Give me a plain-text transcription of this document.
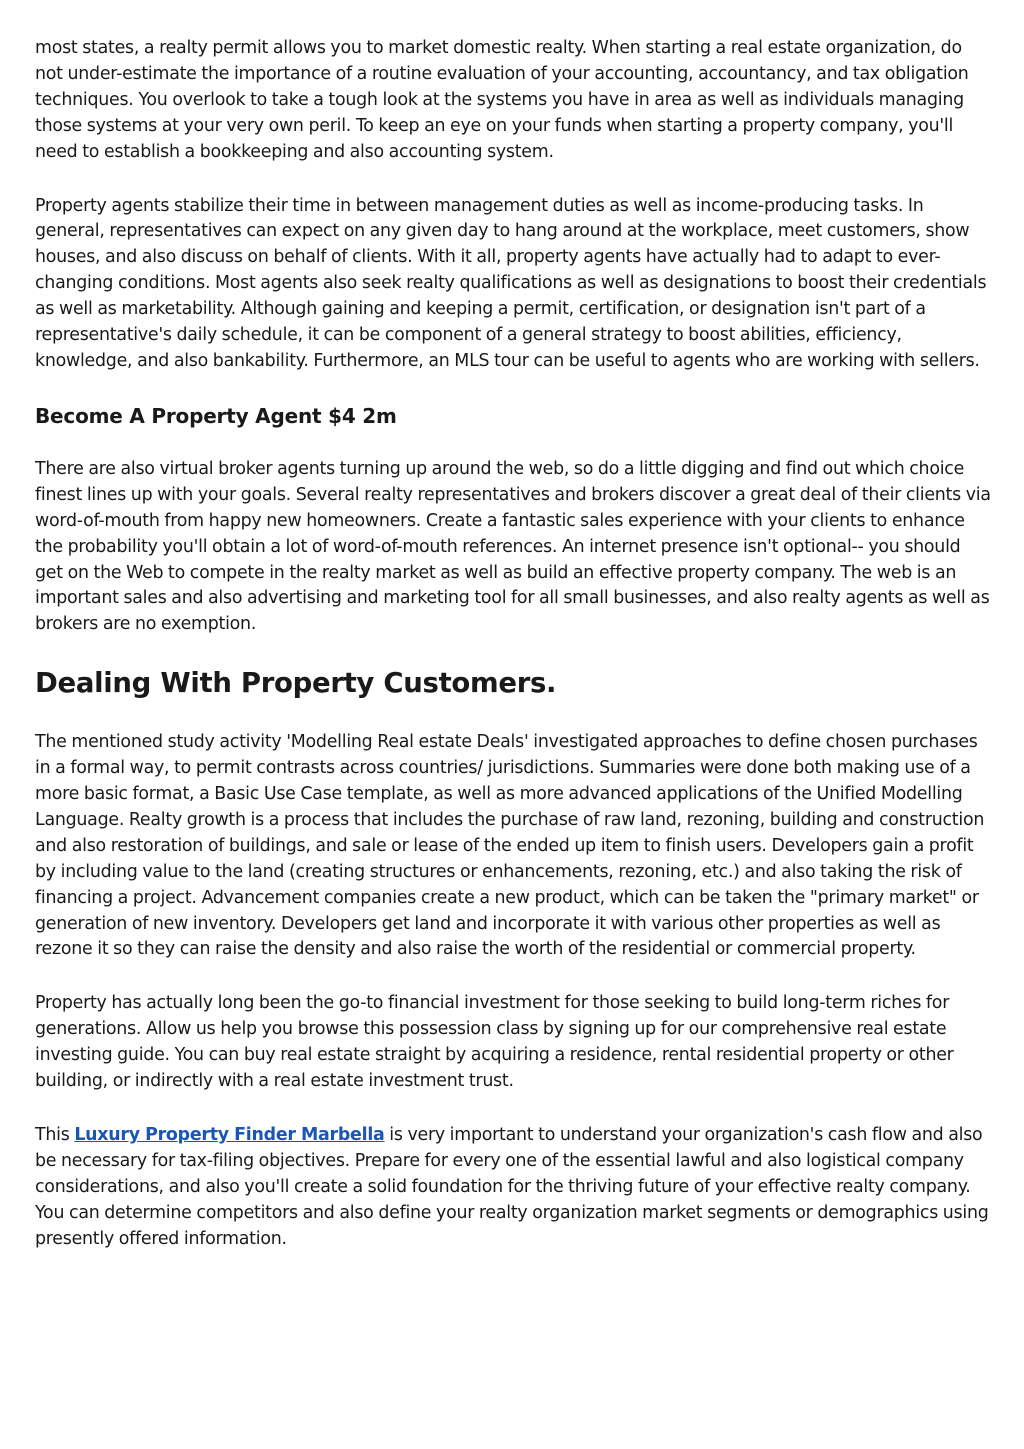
most states, a realty permit allows you to market domestic realty. When starting a real estate organization, do not under-estimate the importance of a routine evaluation of your accounting, accountancy, and tax obligation techniques. You overlook to take a tough look at the systems you have in area as well as individuals managing those systems at your very own peril. To keep an eye on your funds when starting a property company, you'll need to establish a bookkeeping and also accounting system.

Property agents stabilize their time in between management duties as well as income-producing tasks. In general, representatives can expect on any given day to hang around at the workplace, meet customers, show houses, and also discuss on behalf of clients. With it all, property agents have actually had to adapt to ever-changing conditions. Most agents also seek realty qualifications as well as designations to boost their credentials as well as marketability. Although gaining and keeping a permit, certification, or designation isn't part of a representative's daily schedule, it can be component of a general strategy to boost abilities, efficiency, knowledge, and also bankability. Furthermore, an MLS tour can be useful to agents who are working with sellers.

Become A Property Agent $4 2m

There are also virtual broker agents turning up around the web, so do a little digging and find out which choice finest lines up with your goals. Several realty representatives and brokers discover a great deal of their clients via word-of-mouth from happy new homeowners. Create a fantastic sales experience with your clients to enhance the probability you'll obtain a lot of word-of-mouth references. An internet presence isn't optional-- you should get on the Web to compete in the realty market as well as build an effective property company. The web is an important sales and also advertising and marketing tool for all small businesses, and also realty agents as well as brokers are no exemption.

Dealing With Property Customers.

The mentioned study activity 'Modelling Real estate Deals' investigated approaches to define chosen purchases in a formal way, to permit contrasts across countries/ jurisdictions. Summaries were done both making use of a more basic format, a Basic Use Case template, as well as more advanced applications of the Unified Modelling Language. Realty growth is a process that includes the purchase of raw land, rezoning, building and construction and also restoration of buildings, and sale or lease of the ended up item to finish users. Developers gain a profit by including value to the land (creating structures or enhancements, rezoning, etc.) and also taking the risk of financing a project. Advancement companies create a new product, which can be taken the "primary market" or generation of new inventory. Developers get land and incorporate it with various other properties as well as rezone it so they can raise the density and also raise the worth of the residential or commercial property.

Property has actually long been the go-to financial investment for those seeking to build long-term riches for generations. Allow us help you browse this possession class by signing up for our comprehensive real estate investing guide. You can buy real estate straight by acquiring a residence, rental residential property or other building, or indirectly with a real estate investment trust.

This Luxury Property Finder Marbella is very important to understand your organization's cash flow and also be necessary for tax-filing objectives. Prepare for every one of the essential lawful and also logistical company considerations, and also you'll create a solid foundation for the thriving future of your effective realty company. You can determine competitors and also define your realty organization market segments or demographics using presently offered information.
